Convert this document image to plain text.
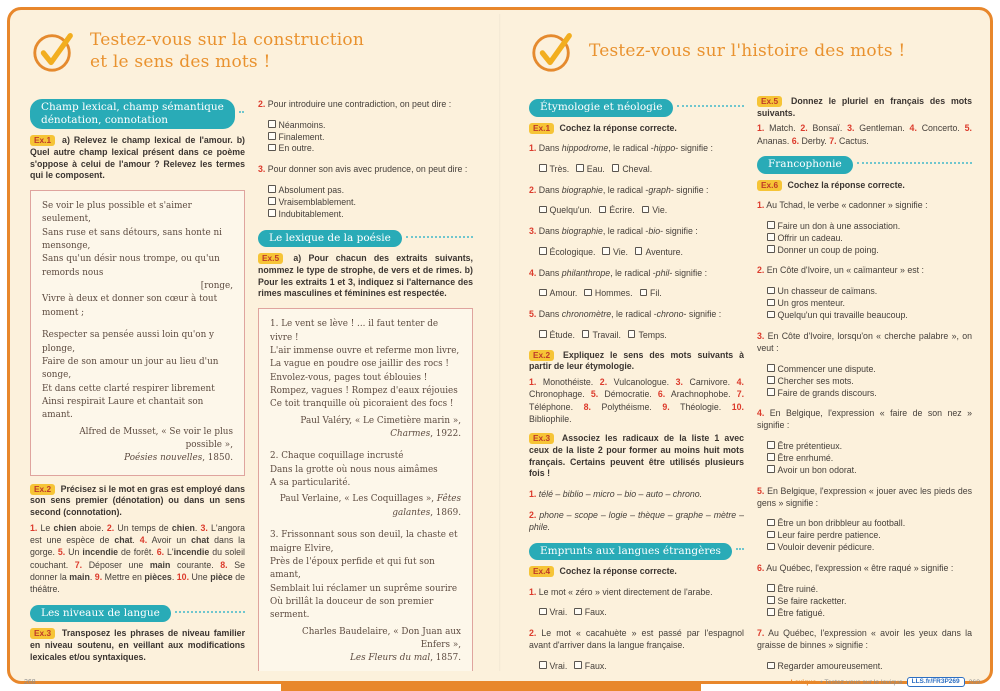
Testez-vous sur la construction
et le sens des mots !
Champ lexical, champ sémantique
dénotation, connotation

Ex.1 a) Relevez le champ lexical de l'amour. b) Quel autre champ lexical présent dans ce poème s'oppose à celui de l'amour ? Relevez les termes qui le composent.

Se voir le plus possible et s'aimer seulement,
Sans ruse et sans détours, sans honte ni mensonge,
Sans qu'un désir nous trompe, ou qu'un remords nous
[ronge,
Vivre à deux et donner son cœur à tout moment ;
Respecter sa pensée aussi loin qu'on y plonge,
Faire de son amour un jour au lieu d'un songe,
Et dans cette clarté respirer librement
Ainsi respirait Laure et chantait son amant.
Alfred de Musset, « Se voir le plus possible »,
Poésies nouvelles, 1850.

Ex.2 Précisez si le mot en gras est employé dans son sens premier (dénotation) ou dans un sens second (connotation).

1. Le chien aboie. 2. Un temps de chien. 3. L'angora est une espèce de chat. 4. Avoir un chat dans la gorge. 5. Un incendie de forêt. 6. L'incendie du soleil couchant. 7. Déposer une main courante. 8. Se donner la main. 9. Mettre en pièces. 10. Une pièce de théâtre.

Les niveaux de langue

Ex.3 Transposez les phrases de niveau familier en niveau soutenu, en veillant aux modifications lexicales et/ou syntaxiques.

2. Pour introduire une contradiction, on peut dire :

Néanmoins.
Finalement.
En outre.

3. Pour donner son avis avec prudence, on peut dire :

Absolument pas.
Vraisemblablement.
Indubitablement.
Le lexique de la poésie

Ex.5 a) Pour chacun des extraits suivants, nommez le type de strophe, de vers et de rimes. b) Pour les extraits 1 et 3, indiquez si l'alternance des rimes masculines et féminines est respectée.

1. Le vent se lève ! ... il faut tenter de vivre !
L'air immense ouvre et referme mon livre,
La vague en poudre ose jaillir des rocs !
Envolez-vous, pages tout éblouies !
Rompez, vagues ! Rompez d'eaux réjouies
Ce toit tranquille où picoraient des focs !
Paul Valéry, « Le Cimetière marin », Charmes, 1922.
2. Chaque coquillage incrusté
Dans la grotte où nous nous aimâmes
A sa particularité.
Paul Verlaine, « Les Coquillages », Fêtes galantes, 1869.
3. Frissonnant sous son deuil, la chaste et maigre Elvire,
Près de l'époux perfide et qui fut son amant,
Semblait lui réclamer un suprême sourire
Où brillât la douceur de son premier serment.
Charles Baudelaire, « Don Juan aux Enfers »,
Les Fleurs du mal, 1857.

Testez-vous sur l'histoire des mots !
Étymologie et néologie

Ex.1 Cochez la réponse correcte.

1. Dans hippodrome, le radical -hippo- signifie :

Très. Eau. Cheval.

2. Dans biographie, le radical -graph- signifie :

Quelqu'un. Écrire. Vie.

3. Dans biographie, le radical -bio- signifie :

Écologique. Vie. Aventure.

4. Dans philanthrope, le radical -phil- signifie :

Amour. Hommes. Fil.

5. Dans chronomètre, le radical -chrono- signifie :

Étude. Travail. Temps.

Ex.2 Expliquez le sens des mots suivants à partir de leur étymologie.

1. Monothéiste. 2. Vulcanologue. 3. Carnivore. 4. Chronophage. 5. Démocratie. 6. Arachnophobe. 7. Téléphone. 8. Polythéisme. 9. Théologie. 10. Bibliophile.

Ex.3 Associez les radicaux de la liste 1 avec ceux de la liste 2 pour former au moins huit mots français. Certains peuvent être utilisés plusieurs fois !

1. télé – biblio – micro – bio – auto – chrono.

2. phone – scope – logie – thèque – graphe – mètre – phile.

Emprunts aux langues étrangères

Ex.4 Cochez la réponse correcte.

1. Le mot « zéro » vient directement de l'arabe.

Vrai. Faux.

2. Le mot « cacahuète » est passé par l'espagnol avant d'arriver dans la langue française.

Vrai. Faux.

Ex.5 Donnez le pluriel en français des mots suivants.

1. Match. 2. Bonsaï. 3. Gentleman. 4. Concerto. 5. Ananas. 6. Derby. 7. Cactus.

Francophonie

Ex.6 Cochez la réponse correcte.

1. Au Tchad, le verbe « cadonner » signifie :

Faire un don à une association.
Offrir un cadeau.
Donner un coup de poing.

2. En Côte d'Ivoire, un « caïmanteur » est :

Un chasseur de caïmans.
Un gros menteur.
Quelqu'un qui travaille beaucoup.

3. En Côte d'Ivoire, lorsqu'on « cherche palabre », on veut :

Commencer une dispute.
Chercher ses mots.
Faire de grands discours.

4. En Belgique, l'expression « faire de son nez » signifie :

Être prétentieux.
Être enrhumé.
Avoir un bon odorat.

5. En Belgique, l'expression « jouer avec les pieds des gens » signifie :

Être un bon dribbleur au football.
Leur faire perdre patience.
Vouloir devenir pédicure.

6. Au Québec, l'expression « être raqué » signifie :

Être ruiné.
Se faire racketter.
Être fatigué.

7. Au Québec, l'expression « avoir les yeux dans la graisse de binnes » signifie :

Regarder amoureusement.

268	Lexique • Testez-vous sur le lexique	LLS.fr/FR3P269	269
